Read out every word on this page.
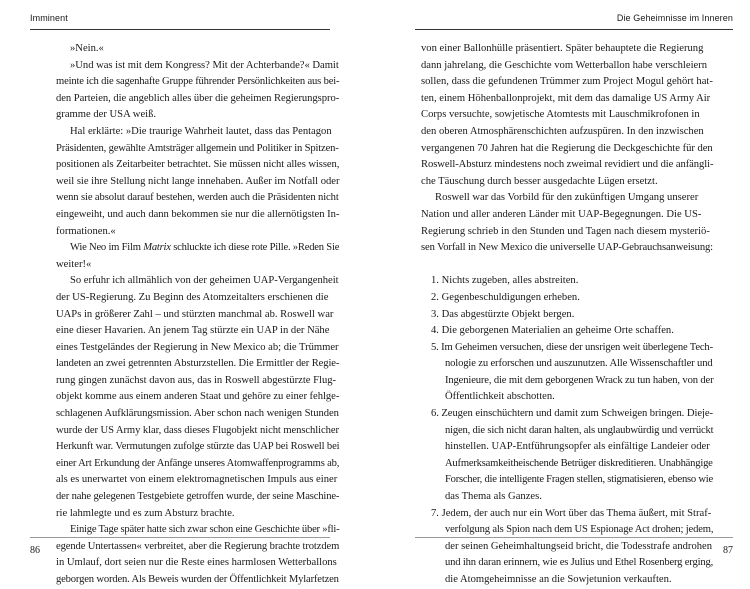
Imminent
»Nein.«
»Und was ist mit dem Kongress? Mit der Achterbande?« Damit
meinte ich die sagenhafte Gruppe führender Persönlichkeiten aus bei-
den Parteien, die angeblich alles über die geheimen Regierungspro-
gramme der USA weiß.
Hal erklärte: »Die traurige Wahrheit lautet, dass das Pentagon
Präsidenten, gewählte Amtsträger allgemein und Politiker in Spitzen-
positionen als Zeitarbeiter betrachtet. Sie müssen nicht alles wissen,
weil sie ihre Stellung nicht lange innehaben. Außer im Notfall oder
wenn sie absolut darauf bestehen, werden auch die Präsidenten nicht
eingeweiht, und auch dann bekommen sie nur die allernötigsten In-
formationen.«
Wie Neo im Film Matrix schluckte ich diese rote Pille. »Reden Sie
weiter!«
So erfuhr ich allmählich von der geheimen UAP-Vergangenheit
der US-Regierung. Zu Beginn des Atomzeitalters erschienen die
UAPs in größerer Zahl – und stürzten manchmal ab. Roswell war
eine dieser Havarien. An jenem Tag stürzte ein UAP in der Nähe
eines Testgeländes der Regierung in New Mexico ab; die Trümmer
landeten an zwei getrennten Absturzstellen. Die Ermittler der Regie-
rung gingen zunächst davon aus, das in Roswell abgestürzte Flug-
objekt komme aus einem anderen Staat und gehöre zu einer fehlge-
schlagenen Aufklärungsmission. Aber schon nach wenigen Stunden
wurde der US Army klar, dass dieses Flugobjekt nicht menschlicher
Herkunft war. Vermutungen zufolge stürzte das UAP bei Roswell bei
einer Art Erkundung der Anfänge unseres Atomwaffenprogramms ab,
als es unerwartet von einem elektromagnetischen Impuls aus einer
der nahe gelegenen Testgebiete getroffen wurde, der seine Maschine-
rie lahmlegte und es zum Absturz brachte.
Einige Tage später hatte sich zwar schon eine Geschichte über »fli-
egende Untertassen« verbreitet, aber die Regierung brachte trotzdem
in Umlauf, dort seien nur die Reste eines harmlosen Wetterballons
geborgen worden. Als Beweis wurden der Öffentlichkeit Mylarfetzen
86
Die Geheimnisse im Inneren
von einer Ballonhülle präsentiert. Später behauptete die Regierung
dann jahrelang, die Geschichte vom Wetterballon habe verschleiern
sollen, dass die gefundenen Trümmer zum Project Mogul gehört hat-
ten, einem Höhenballonprojekt, mit dem das damalige US Army Air
Corps versuchte, sowjetische Atomtests mit Lauschmikrofonen in
den oberen Atmosphärenschichten aufzuspüren. In den inzwischen
vergangenen 70 Jahren hat die Regierung die Deckgeschichte für den
Roswell-Absturz mindestens noch zweimal revidiert und die anfängli-
che Täuschung durch besser ausgedachte Lügen ersetzt.
Roswell war das Vorbild für den zukünftigen Umgang unserer
Nation und aller anderen Länder mit UAP-Begegnungen. Die US-
Regierung schrieb in den Stunden und Tagen nach diesem mysteriö-
sen Vorfall in New Mexico die universelle UAP-Gebrauchsanweisung:
1. Nichts zugeben, alles abstreiten.
2. Gegenbeschuldigungen erheben.
3. Das abgestürzte Objekt bergen.
4. Die geborgenen Materialien an geheime Orte schaffen.
5. Im Geheimen versuchen, diese der unsrigen weit überlegene Tech-
nologie zu erforschen und auszunutzen. Alle Wissenschaftler und
Ingenieure, die mit dem geborgenen Wrack zu tun haben, von der
Öffentlichkeit abschotten.
6. Zeugen einschüchtern und damit zum Schweigen bringen. Dieje-
nigen, die sich nicht daran halten, als unglaubwürdig und verrückt
hinstellen. UAP-Entführungsopfer als einfältige Landeier oder
Aufmerksamkeitheischende Betrüger diskreditieren. Unabhängige
Forscher, die intelligente Fragen stellen, stigmatisieren, ebenso wie
das Thema als Ganzes.
7. Jedem, der auch nur ein Wort über das Thema äußert, mit Straf-
verfolgung als Spion nach dem US Espionage Act drohen; jedem,
der seinen Geheimhaltungseid bricht, die Todesstrafe androhen
und ihn daran erinnern, wie es Julius und Ethel Rosenberg erging,
die Atomgeheimnisse an die Sowjetunion verkauften.
87
